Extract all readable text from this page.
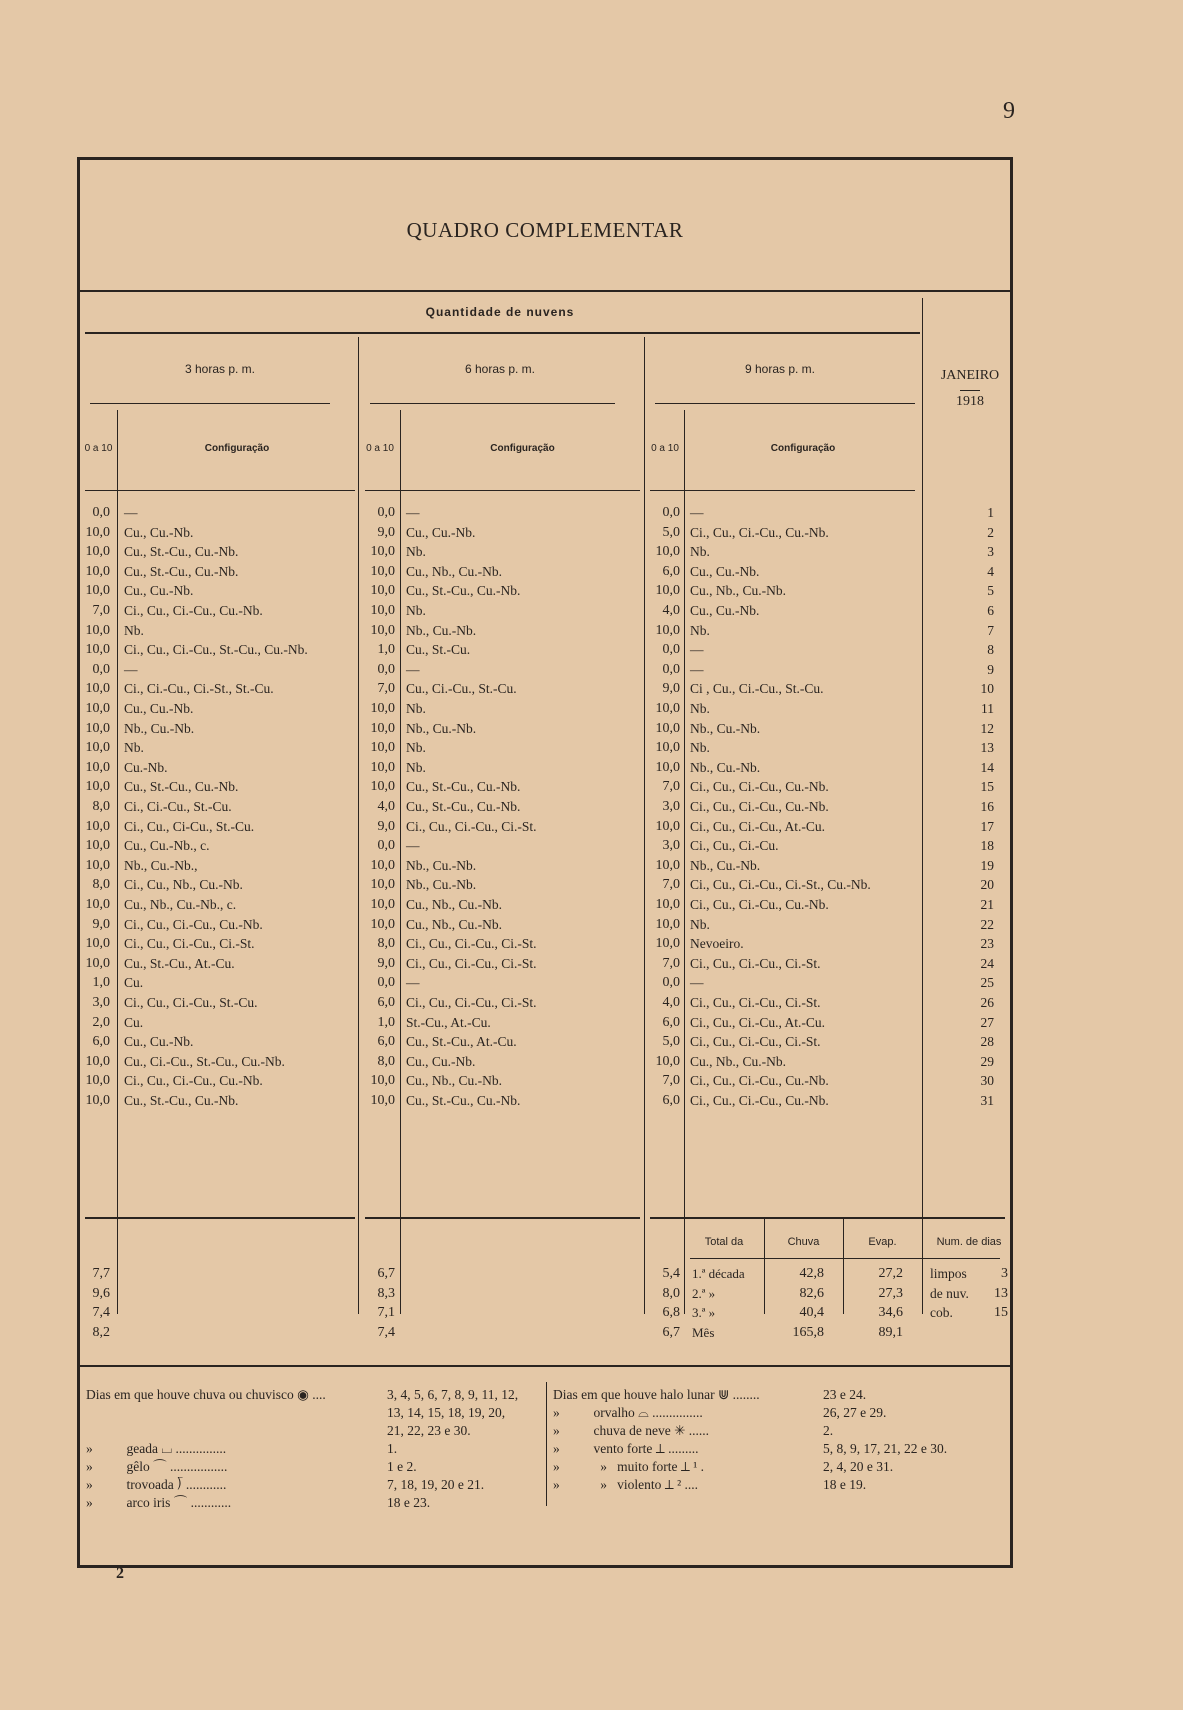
9
2
QUADRO COMPLEMENTAR
Quantidade de nuvens
3 horas p. m.	6 horas p. m.	9 horas p. m.	JANEIRO
1918
0 a 10	Configuração	0 a 10	Configuração	0 a 10	Configuração
0,0 —	0,0 —	0,0 —	1
10,0 Cu., Cu.-Nb.	9,0 Cu., Cu.-Nb.	5,0 Ci., Cu., Ci.-Cu., Cu.-Nb.	2
10,0 Cu., St.-Cu., Cu.-Nb.	10,0 Nb.	10,0 Nb.	3
10,0 Cu., St.-Cu., Cu.-Nb.	10,0 Cu., Nb., Cu.-Nb.	6,0 Cu., Cu.-Nb.	4
10,0 Cu., Cu.-Nb.	10,0 Cu., St.-Cu., Cu.-Nb.	10,0 Cu., Nb., Cu.-Nb.	5
7,0 Ci., Cu., Ci.-Cu., Cu.-Nb.	10,0 Nb.	4,0 Cu., Cu.-Nb.	6
10,0 Nb.	10,0 Nb., Cu.-Nb.	10,0 Nb.	7
10,0 Ci., Cu., Ci.-Cu., St.-Cu., Cu.-Nb.	1,0 Cu., St.-Cu.	0,0 —	8
0,0 —	0,0 —	0,0 —	9
10,0 Ci., Ci.-Cu., Ci.-St., St.-Cu.	7,0 Cu., Ci.-Cu., St.-Cu.	9,0 Ci , Cu., Ci.-Cu., St.-Cu.	10
10,0 Cu., Cu.-Nb.	10,0 Nb.	10,0 Nb.	11
10,0 Nb., Cu.-Nb.	10,0 Nb., Cu.-Nb.	10,0 Nb., Cu.-Nb.	12
10,0 Nb.	10,0 Nb.	10,0 Nb.	13
10,0 Cu.-Nb.	10,0 Nb.	10,0 Nb., Cu.-Nb.	14
10,0 Cu., St.-Cu., Cu.-Nb.	10,0 Cu., St.-Cu., Cu.-Nb.	7,0 Ci., Cu., Ci.-Cu., Cu.-Nb.	15
8,0 Ci., Ci.-Cu., St.-Cu.	4,0 Cu., St.-Cu., Cu.-Nb.	3,0 Ci., Cu., Ci.-Cu., Cu.-Nb.	16
10,0 Ci., Cu., Ci-Cu., St.-Cu.	9,0 Ci., Cu., Ci.-Cu., Ci.-St.	10,0 Ci., Cu., Ci.-Cu., At.-Cu.	17
10,0 Cu., Cu.-Nb., c.	0,0 —	3,0 Ci., Cu., Ci.-Cu.	18
10,0 Nb., Cu.-Nb.,	10,0 Nb., Cu.-Nb.	10,0 Nb., Cu.-Nb.	19
8,0 Ci., Cu., Nb., Cu.-Nb.	10,0 Nb., Cu.-Nb.	7,0 Ci., Cu., Ci.-Cu., Ci.-St., Cu.-Nb.	20
10,0 Cu., Nb., Cu.-Nb., c.	10,0 Cu., Nb., Cu.-Nb.	10,0 Ci., Cu., Ci.-Cu., Cu.-Nb.	21
9,0 Ci., Cu., Ci.-Cu., Cu.-Nb.	10,0 Cu., Nb., Cu.-Nb.	10,0 Nb.	22
10,0 Ci., Cu., Ci.-Cu., Ci.-St.	8,0 Ci., Cu., Ci.-Cu., Ci.-St.	10,0 Nevoeiro.	23
10,0 Cu., St.-Cu., At.-Cu.	9,0 Ci., Cu., Ci.-Cu., Ci.-St.	7,0 Ci., Cu., Ci.-Cu., Ci.-St.	24
1,0 Cu.	0,0 —	0,0 —	25
3,0 Ci., Cu., Ci.-Cu., St.-Cu.	6,0 Ci., Cu., Ci.-Cu., Ci.-St.	4,0 Ci., Cu., Ci.-Cu., Ci.-St.	26
2,0 Cu.	1,0 St.-Cu., At.-Cu.	6,0 Ci., Cu., Ci.-Cu., At.-Cu.	27
6,0 Cu., Cu.-Nb.	6,0 Cu., St.-Cu., At.-Cu.	5,0 Ci., Cu., Ci.-Cu., Ci.-St.	28
10,0 Cu., Ci.-Cu., St.-Cu., Cu.-Nb.	8,0 Cu., Cu.-Nb.	10,0 Cu., Nb., Cu.-Nb.	29
10,0 Ci., Cu., Ci.-Cu., Cu.-Nb.	10,0 Cu., Nb., Cu.-Nb.	7,0 Ci., Cu., Ci.-Cu., Cu.-Nb.	30
10,0 Cu., St.-Cu., Cu.-Nb.	10,0 Cu., St.-Cu., Cu.-Nb.	6,0 Ci., Cu., Ci.-Cu., Cu.-Nb.	31
Total da	Chuva	Evap.	Num. de dias
7,7	6,7	5,4 1.ª década	42,8	27,2 limpos	3
9,6	8,3	8,0 2.ª »	82,6	27,3 de nuv.	13
7,4	7,1	6,8 3.ª »	40,4	34,6 cob.	15
8,2	7,4	6,7 Mês	165,8	89,1
Dias em que houve chuva ou chuvisco ◉ ....	3, 4, 5, 6, 7, 8, 9, 11, 12,
13, 14, 15, 18, 19, 20,
21, 22, 23 e 30.
»          geada ⌴ ...............	1.
»          gêlo ⌒ .................	1 e 2.
»          trovoada ⟌ ............	7, 18, 19, 20 e 21.
»          arco iris ⌒ ............	18 e 23.
Dias em que houve halo lunar ⋓ ........	23 e 24.
»          orvalho ⌓ ...............	26, 27 e 29.
»          chuva de neve ✳ ......	2.
»          vento forte ⟂ .........	5, 8, 9, 17, 21, 22 e 30.
»            »   muito forte ⟂ ¹ .	2, 4, 20 e 31.
»            »   violento ⟂ ² ....	18 e 19.
